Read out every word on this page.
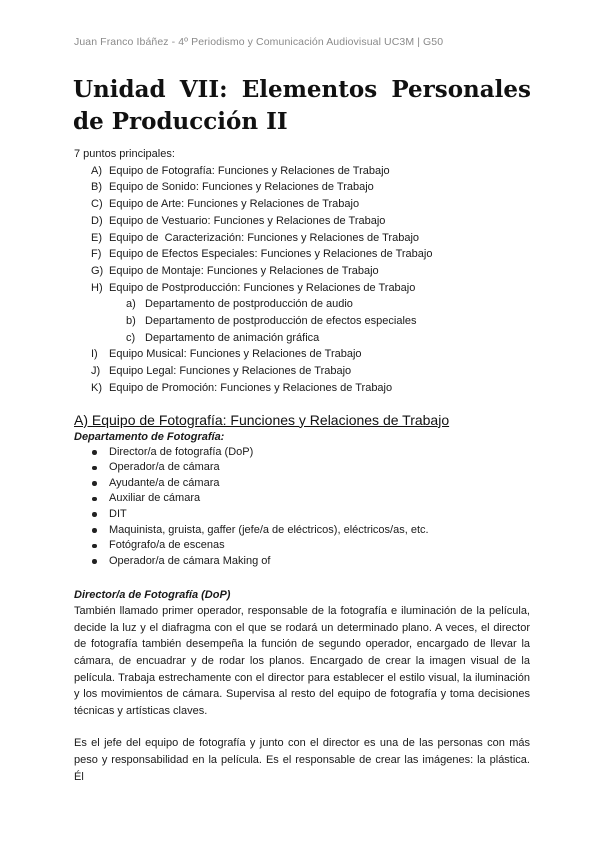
Juan Franco Ibáñez - 4º Periodismo y Comunicación Audiovisual UC3M | G50
Unidad VII: Elementos Personales de Producción II

7 puntos principales:

A) Equipo de Fotografía: Funciones y Relaciones de Trabajo
B) Equipo de Sonido: Funciones y Relaciones de Trabajo
C) Equipo de Arte: Funciones y Relaciones de Trabajo
D) Equipo de Vestuario: Funciones y Relaciones de Trabajo
E) Equipo de  Caracterización: Funciones y Relaciones de Trabajo
F) Equipo de Efectos Especiales: Funciones y Relaciones de Trabajo
G) Equipo de Montaje: Funciones y Relaciones de Trabajo
H) Equipo de Postproducción: Funciones y Relaciones de Trabajo
a) Departamento de postproducción de audio
b) Departamento de postproducción de efectos especiales
c) Departamento de animación gráfica
I)	Equipo Musical: Funciones y Relaciones de Trabajo
J) Equipo Legal: Funciones y Relaciones de Trabajo
K) Equipo de Promoción: Funciones y Relaciones de Trabajo
A) Equipo de Fotografía: Funciones y Relaciones de Trabajo

Departamento de Fotografía:

Director/a de fotografía (DoP)
Operador/a de cámara
Ayudante/a de cámara
Auxiliar de cámara
DIT
Maquinista, gruista, gaffer (jefe/a de eléctricos), eléctricos/as, etc.
Fotógrafo/a de escenas
Operador/a de cámara Making of

Director/a de Fotografía (DoP)

También llamado primer operador, responsable de la fotografía e iluminación de la película, decide la luz y el diafragma con el que se rodará un determinado plano. A veces, el director de fotografía también desempeña la función de segundo operador, encargado de llevar la cámara, de encuadrar y de rodar los planos. Encargado de crear la imagen visual de la película. Trabaja estrechamente con el director para establecer el estilo visual, la iluminación y los movimientos de cámara. Supervisa al resto del equipo de fotografía y toma decisiones técnicas y artísticas claves.

Es el jefe del equipo de fotografía y junto con el director es una de las personas con más peso y responsabilidad en la película. Es el responsable de crear las imágenes: la plástica. Él
